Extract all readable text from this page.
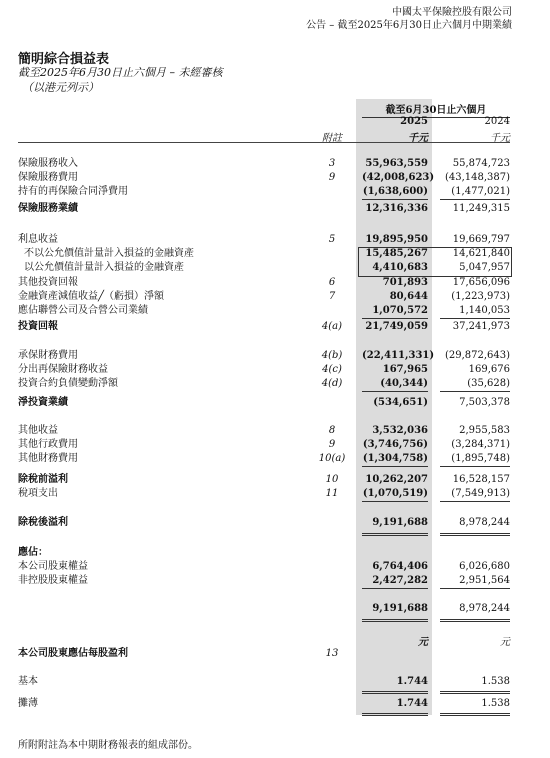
中國太平保險控股有限公司
公告 – 截至2025年6月30日止六個月中期業績
簡明綜合損益表
截至2025年6月30日止六個月 – 未經審核
（以港元列示）
截至6月30日止六個月
2025	2024
附註	千元	千元
保險服務收入	3	55,963,559	55,874,723
保險服務費用	9	(42,008,623)	(43,148,387)
持有的再保險合同淨費用	(1,638,600)	(1,477,021)
保險服務業績	12,316,336	11,249,315
利息收益	5	19,895,950	19,669,797
不以公允價值計量計入損益的金融資產	15,485,267	14,621,840
以公允價值計量計入損益的金融資產	4,410,683	5,047,957
其他投資回報	6	701,893	17,656,096
金融資產減值收益╱（虧損）淨額	7	80,644	(1,223,973)
應佔聯營公司及合營公司業績	1,070,572	1,140,053
投資回報	4(a)	21,749,059	37,241,973
承保財務費用	4(b)	(22,411,331)	(29,872,643)
分出再保險財務收益	4(c)	167,965	169,676
投資合約負債變動淨額	4(d)	(40,344)	(35,628)
淨投資業績	(534,651)	7,503,378
其他收益	8	3,532,036	2,955,583
其他行政費用	9	(3,746,756)	(3,284,371)
其他財務費用	10(a)	(1,304,758)	(1,895,748)
除稅前溢利	10	10,262,207	16,528,157
稅項支出	11	(1,070,519)	(7,549,913)
除稅後溢利	9,191,688	8,978,244
應佔：
本公司股東權益	6,764,406	6,026,680
非控股股東權益	2,427,282	2,951,564
9,191,688	8,978,244
元	元
本公司股東應佔每股盈利	13
基本	1.744	1.538
攤薄	1.744	1.538
所附附註為本中期財務報表的組成部份。
